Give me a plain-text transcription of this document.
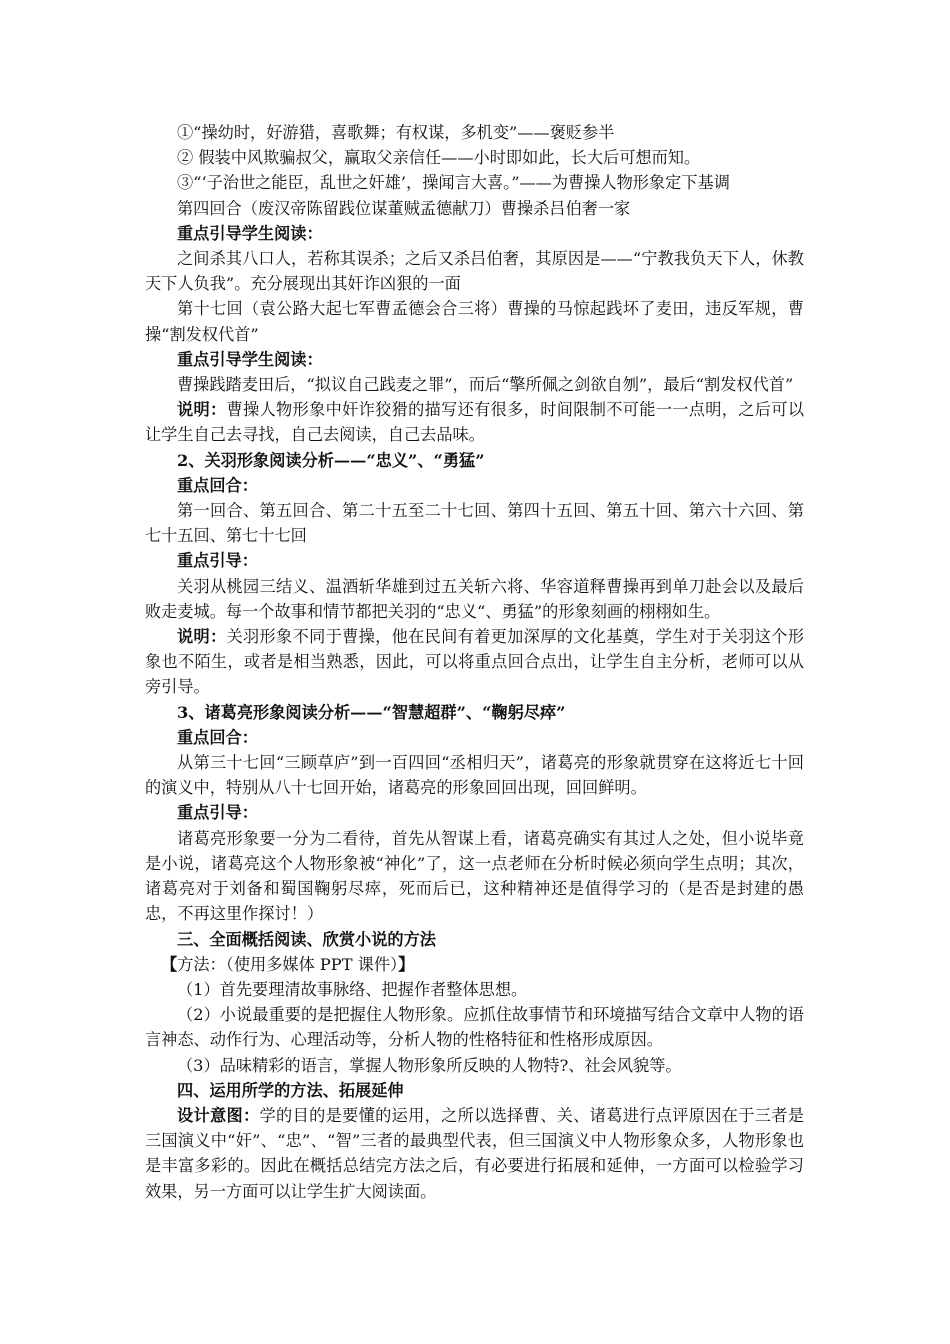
①“操幼时，好游猎，喜歌舞；有权谋，多机变”——褒贬参半

② 假装中风欺骗叔父，赢取父亲信任——小时即如此，长大后可想而知。

③“‘子治世之能臣，乱世之奸雄’，操闻言大喜。”——为曹操人物形象定下基调

第四回合（废汉帝陈留践位谋董贼孟德献刀）曹操杀吕伯奢一家

重点引导学生阅读：

之间杀其八口人，若称其误杀；之后又杀吕伯奢，其原因是——“宁教我负天下人，休教天下人负我”。充分展现出其奸诈凶狠的一面

第十七回（袁公路大起七军曹孟德会合三将）曹操的马惊起践坏了麦田，违反军规，曹操“割发权代首”

重点引导学生阅读：

曹操践踏麦田后，“拟议自己践麦之罪”，而后“擎所佩之剑欲自刎”，最后“割发权代首”

说明：曹操人物形象中奸诈狡猾的描写还有很多，时间限制不可能一一点明，之后可以让学生自己去寻找，自己去阅读，自己去品味。

2、关羽形象阅读分析——“忠义”、“勇猛”

重点回合：

第一回合、第五回合、第二十五至二十七回、第四十五回、第五十回、第六十六回、第七十五回、第七十七回

重点引导：

关羽从桃园三结义、温酒斩华雄到过五关斩六将、华容道释曹操再到单刀赴会以及最后败走麦城。每一个故事和情节都把关羽的“忠义“、勇猛”的形象刻画的栩栩如生。

说明：关羽形象不同于曹操，他在民间有着更加深厚的文化基奠，学生对于关羽这个形象也不陌生，或者是相当熟悉，因此，可以将重点回合点出，让学生自主分析，老师可以从旁引导。

3、诸葛亮形象阅读分析——“智慧超群”、“鞠躬尽瘁”

重点回合：

从第三十七回“三顾草庐”到一百四回“丞相归天”，诸葛亮的形象就贯穿在这将近七十回的演义中，特别从八十七回开始，诸葛亮的形象回回出现，回回鲜明。

重点引导：

诸葛亮形象要一分为二看待，首先从智谋上看，诸葛亮确实有其过人之处，但小说毕竟是小说，诸葛亮这个人物形象被“神化”了，这一点老师在分析时候必须向学生点明；其次，诸葛亮对于刘备和蜀国鞠躬尽瘁，死而后已，这种精神还是值得学习的（是否是封建的愚忠，不再这里作探讨！）

三、全面概括阅读、欣赏小说的方法

【方法：（使用多媒体 PPT 课件）】

（1）首先要理清故事脉络、把握作者整体思想。

（2）小说最重要的是把握住人物形象。应抓住故事情节和环境描写结合文章中人物的语言神态、动作行为、心理活动等，分析人物的性格特征和性格形成原因。

（3）品味精彩的语言，掌握人物形象所反映的人物特?、社会风貌等。

四、运用所学的方法、拓展延伸

设计意图：学的目的是要懂的运用，之所以选择曹、关、诸葛进行点评原因在于三者是三国演义中“奸”、“忠”、“智”三者的最典型代表，但三国演义中人物形象众多，人物形象也是丰富多彩的。因此在概括总结完方法之后，有必要进行拓展和延伸，一方面可以检验学习效果，另一方面可以让学生扩大阅读面。
